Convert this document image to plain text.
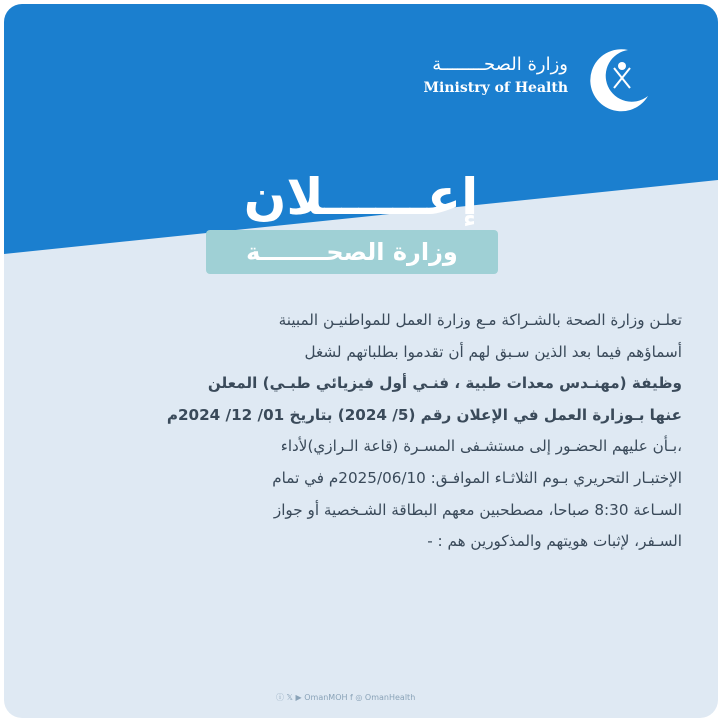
وزارة الصحــــــــة
Ministry of Health
إعــــــلان
وزارة الصحــــــــة
تعلـن وزارة الصحة بالشـراكة مـع وزارة العمل للمواطنيـن المبينة
أسماؤهم فيما بعد الذين سـبق لهم أن تقدموا بطلباتهم لشغل
وظيفة (مهنـدس معدات طبية ، فنـي أول فيزيائي طبـي) المعلن
عنها بـوزارة العمل في الإعلان رقم (5/ 2024) بتاريخ 01/ 12/ 2024م
،بـأن عليهم الحضـور إلى مستشـفى المسـرة (قاعة الـرازي)لأداء
الإختبـار التحريري بـوم الثلاثـاء الموافـق: 2025/06/10م في تمام
السـاعة 8:30 صباحا، مصطحبين معهم البطاقة الشـخصية أو جواز
السـفر، لإثبات هويتهم والمذكورين هم : -
ⓘ 𝕏 ▶ OmanMOH f ◎ OmanHealth
